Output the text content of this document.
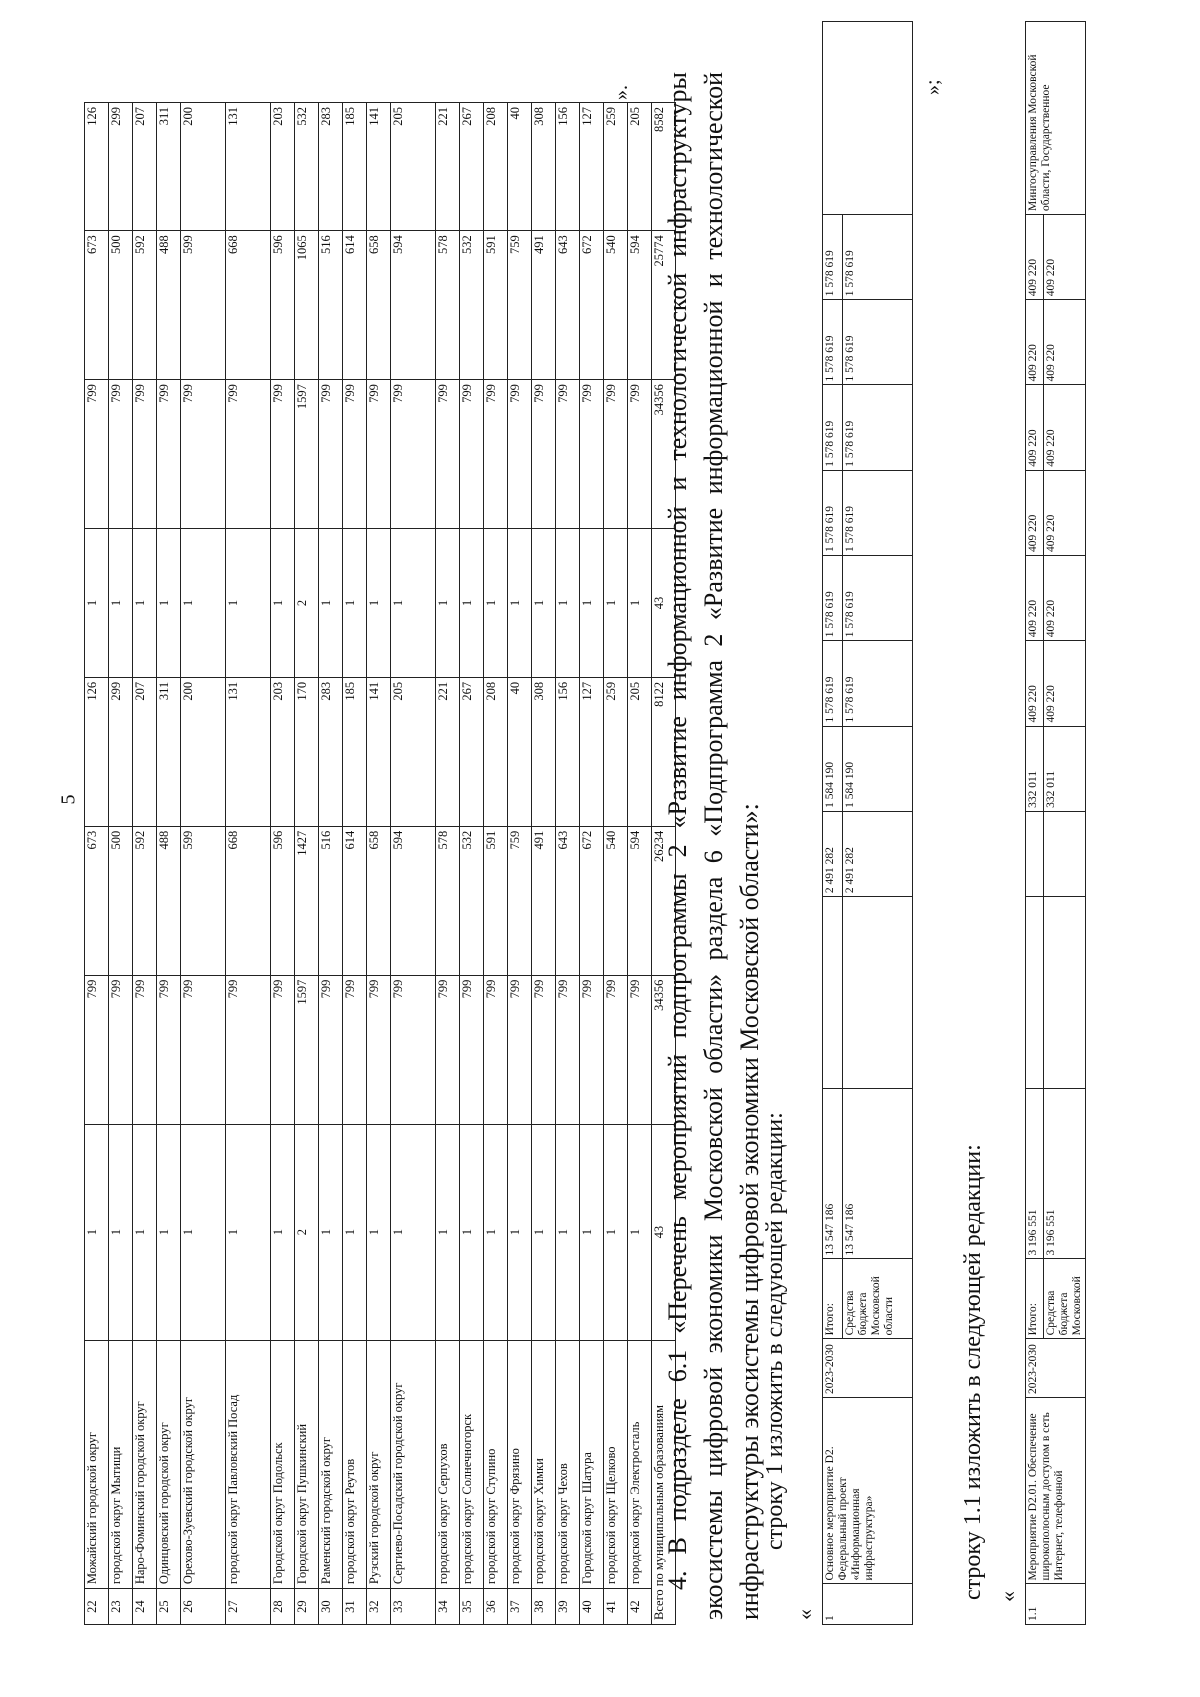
5
22	Можайский городской округ	1	799	673	126	1	799	673	126
23	городской округ Мытищи	1	799	500	299	1	799	500	299
24	Наро-Фоминский городской округ	1	799	592	207	1	799	592	207
25	Одинцовский городской округ	1	799	488	311	1	799	488	311
26	Орехово-Зуевский городской округ	1	799	599	200	1	799	599	200
27	городской округ Павловский Посад	1	799	668	131	1	799	668	131
28	Городской округ Подольск	1	799	596	203	1	799	596	203
29	Городской округ Пушкинский	2	1597	1427	170	2	1597	1065	532
30	Раменский городской округ	1	799	516	283	1	799	516	283
31	городской округ Реутов	1	799	614	185	1	799	614	185
32	Рузский городской округ	1	799	658	141	1	799	658	141
33	Сергиево-Посадский городской округ	1	799	594	205	1	799	594	205
34	городской округ Серпухов	1	799	578	221	1	799	578	221
35	городской округ Солнечногорск	1	799	532	267	1	799	532	267
36	городской округ Ступино	1	799	591	208	1	799	591	208
37	городской округ Фрязино	1	799	759	40	1	799	759	40
38	городской округ Химки	1	799	491	308	1	799	491	308
39	городской округ Чехов	1	799	643	156	1	799	643	156
40	Городской округ Шатура	1	799	672	127	1	799	672	127
41	городской округ Щелково	1	799	540	259	1	799	540	259
42	городской округ Электросталь	1	799	594	205	1	799	594	205
Всего по муниципальным образованиям		43	34356	26234	8122	43	34356	25774	8582
». 4. В подразделе 6.1 «Перечень мероприятий подпрограммы 2 «Развитие информационной и технологической инфраструктуры экосистемы цифровой экономики Московской области» раздела 6 «Подпрограмма 2 «Развитие информационной и технологической инфраструктуры экосистемы цифровой экономики Московской области»:
строку 1 изложить в следующей редакции:
« 1	Основное мероприятие D2. Федеральный проект «Информационная инфраструктура»	2023-2030	Итого:	13 547 186		2 491 282	1 584 190	1 578 619	1 578 619	1 578 619	1 578 619	1 578 619	1 578 619	
			Средства бюджета Московской области	13 547 186		2 491 282	1 584 190	1 578 619	1 578 619	1 578 619	1 578 619	1 578 619	1 578 619	
»;
строку 1.1 изложить в следующей редакции: «
1.1	Мероприятие D2.01. Обеспечение широкополосным доступом в сеть Интернет, телефонной	2023-2030	Итого:	3 196 551			332 011	409 220	409 220	409 220	409 220	409 220	409 220	Мингосуправления Московской области, Государственное
			Средства бюджета Московской	3 196 551			332 011	409 220	409 220	409 220	409 220	409 220	409 220	
